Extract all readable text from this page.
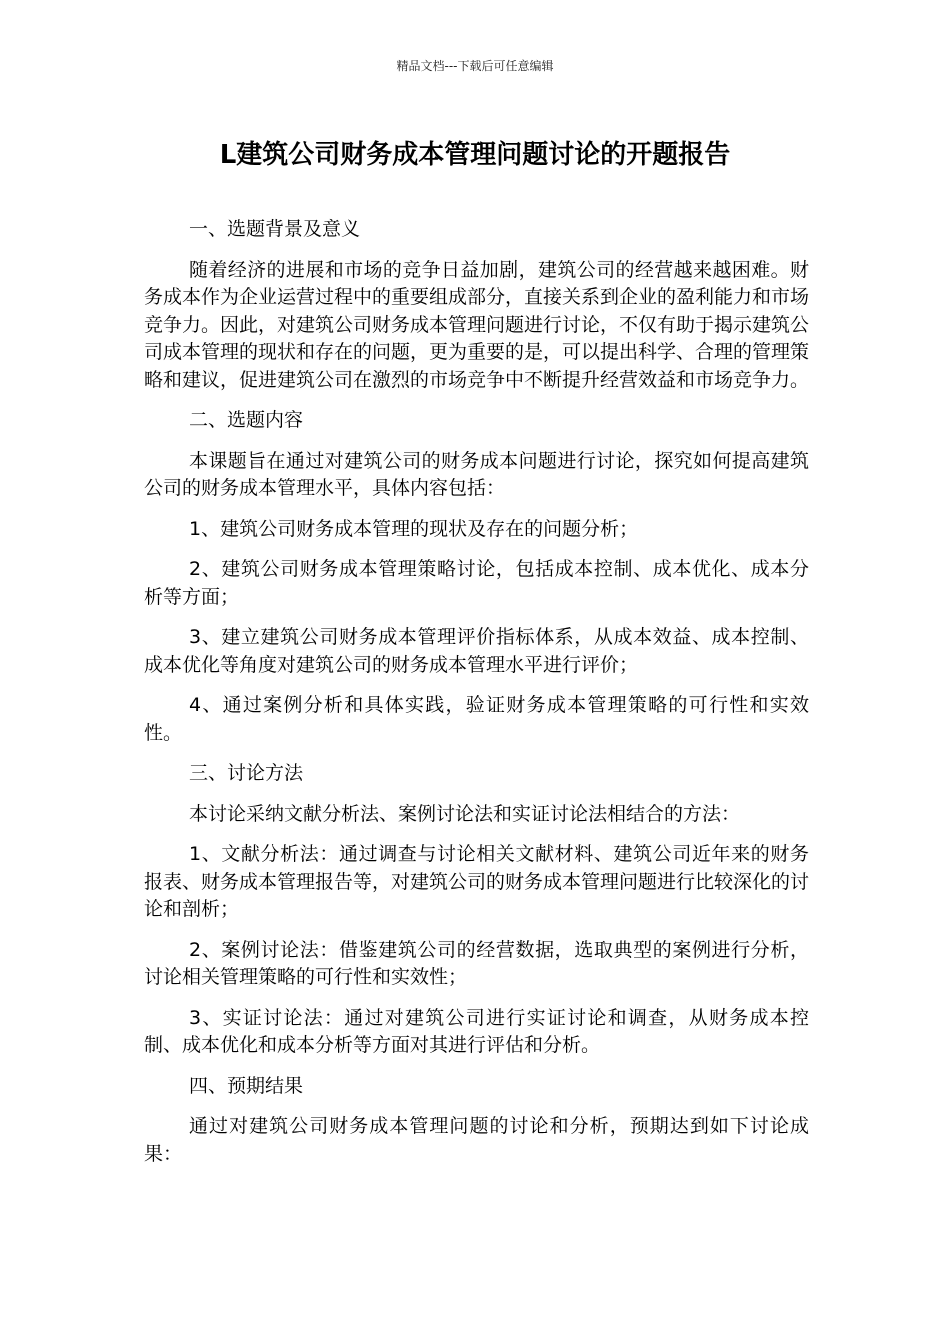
精品文档---下载后可任意编辑
L建筑公司财务成本管理问题讨论的开题报告

一、选题背景及意义

随着经济的进展和市场的竞争日益加剧，建筑公司的经营越来越困难。财务成本作为企业运营过程中的重要组成部分，直接关系到企业的盈利能力和市场竞争力。因此，对建筑公司财务成本管理问题进行讨论，不仅有助于揭示建筑公司成本管理的现状和存在的问题，更为重要的是，可以提出科学、合理的管理策略和建议，促进建筑公司在激烈的市场竞争中不断提升经营效益和市场竞争力。

二、选题内容

本课题旨在通过对建筑公司的财务成本问题进行讨论，探究如何提高建筑公司的财务成本管理水平，具体内容包括：

1、建筑公司财务成本管理的现状及存在的问题分析；

2、建筑公司财务成本管理策略讨论，包括成本控制、成本优化、成本分析等方面；

3、建立建筑公司财务成本管理评价指标体系，从成本效益、成本控制、成本优化等角度对建筑公司的财务成本管理水平进行评价；

4、通过案例分析和具体实践，验证财务成本管理策略的可行性和实效性。

三、讨论方法

本讨论采纳文献分析法、案例讨论法和实证讨论法相结合的方法：

1、文献分析法：通过调查与讨论相关文献材料、建筑公司近年来的财务报表、财务成本管理报告等，对建筑公司的财务成本管理问题进行比较深化的讨论和剖析；

2、案例讨论法：借鉴建筑公司的经营数据，选取典型的案例进行分析，讨论相关管理策略的可行性和实效性；

3、实证讨论法：通过对建筑公司进行实证讨论和调查，从财务成本控制、成本优化和成本分析等方面对其进行评估和分析。

四、预期结果

通过对建筑公司财务成本管理问题的讨论和分析，预期达到如下讨论成果：
